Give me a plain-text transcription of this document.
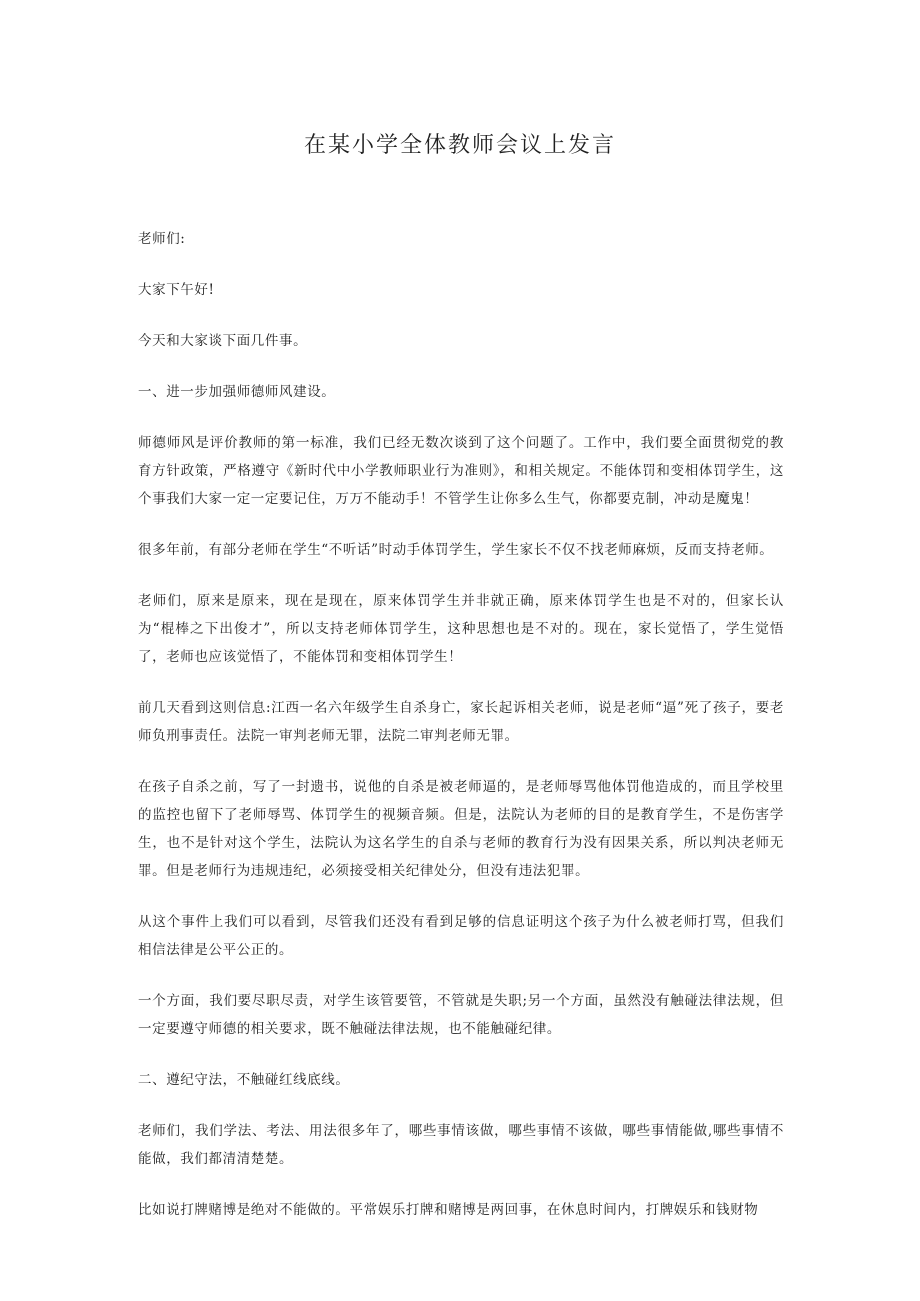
在某小学全体教师会议上发言

老师们:

大家下午好!

今天和大家谈下面几件事。

一、进一步加强师德师风建设。

师德师风是评价教师的第一标准，我们已经无数次谈到了这个问题了。工作中，我们要全面贯彻党的教育方针政策，严格遵守《新时代中小学教师职业行为准则》，和相关规定。不能体罚和变相体罚学生，这个事我们大家一定一定要记住，万万不能动手！不管学生让你多么生气，你都要克制，冲动是魔鬼！

很多年前，有部分老师在学生“不听话”时动手体罚学生，学生家长不仅不找老师麻烦，反而支持老师。

老师们，原来是原来，现在是现在，原来体罚学生并非就正确，原来体罚学生也是不对的，但家长认为“棍棒之下出俊才”，所以支持老师体罚学生，这种思想也是不对的。现在，家长觉悟了，学生觉悟了，老师也应该觉悟了，不能体罚和变相体罚学生！

前几天看到这则信息:江西一名六年级学生自杀身亡，家长起诉相关老师，说是老师“逼”死了孩子，要老师负刑事责任。法院一审判老师无罪，法院二审判老师无罪。

在孩子自杀之前，写了一封遗书，说他的自杀是被老师逼的，是老师辱骂他体罚他造成的，而且学校里的监控也留下了老师辱骂、体罚学生的视频音频。但是，法院认为老师的目的是教育学生，不是伤害学生，也不是针对这个学生，法院认为这名学生的自杀与老师的教育行为没有因果关系，所以判决老师无罪。但是老师行为违规违纪，必须接受相关纪律处分，但没有违法犯罪。

从这个事件上我们可以看到，尽管我们还没有看到足够的信息证明这个孩子为什么被老师打骂，但我们相信法律是公平公正的。

一个方面，我们要尽职尽责，对学生该管要管，不管就是失职;另一个方面，虽然没有触碰法律法规，但一定要遵守师德的相关要求，既不触碰法律法规，也不能触碰纪律。

二、遵纪守法，不触碰红线底线。

老师们，我们学法、考法、用法很多年了，哪些事情该做，哪些事情不该做，哪些事情能做,哪些事情不能做，我们都清清楚楚。

比如说打牌赌博是绝对不能做的。平常娱乐打牌和赌博是两回事，在休息时间内，打牌娱乐和钱财物
